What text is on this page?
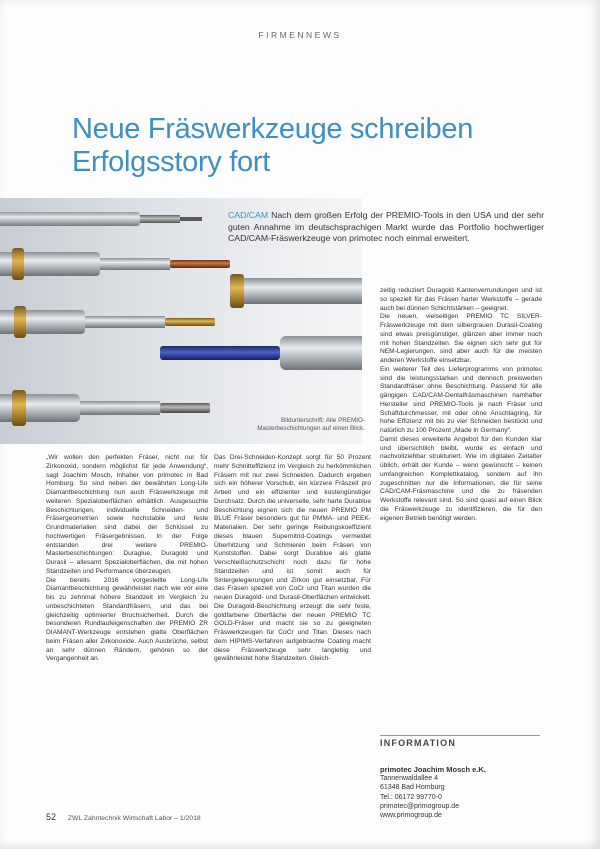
FIRMENNEWS
Neue Fräswerkzeuge schreiben
Erfolgsstory fort

CAD/CAM Nach dem großen Erfolg der PREMIO-Tools in den USA und der sehr guten Annahme im deutschsprachigen Markt wurde das Portfolio hochwertiger CAD/CAM-Fräswerkzeuge von primotec noch einmal erweitert.

Bildunterschrift: Alle PREMIO-Masterbeschichtungen auf einen Blick.

„Wir wollen den perfekten Fräser, nicht nur für Zirkonoxid, sondern möglichst für jede Anwendung“, sagt Joachim Mosch, Inhaber von primotec in Bad Homburg. So sind neben der bewährten Long-Life Diamantbeschichtung nun auch Fräswerkzeuge mit weiteren Spezialoberflächen erhältlich. Ausgesuchte Beschichtungen, individuelle Schneiden- und Fräsergeometrien sowie hochstabile und feste Grundmaterialien sind dabei der Schlüssel zu hochwertigen Fräsergebnissen. In der Folge entstanden drei weitere PREMIO-Masterbeschichtungen: Duraglue, Duragold und Durasil – allesamt Spezialoberflächen, die mit hohen Standzeiten und Performance überzeugen.

Die bereits 2016 vorgestellte Long-Life Diamantbeschichtung gewährleistet nach wie vor eine bis zu zehnmal höhere Standzeit im Vergleich zu unbeschichteten Standardfräsern, und das bei gleichzeitig optimierter Bruchsicherheit. Durch die besonderen Rundlaufeigenschaften der PREMIO ZR DIAMANT-Werkzeuge entstehen glatte Oberflächen beim Fräsen aller Zirkonoxide. Auch Ausbrüche, selbst an sehr dünnen Rändern, gehören so der Vergangenheit an.

Das Drei-Schneiden-Konzept sorgt für 50 Prozent mehr Schnitteffizienz im Vergleich zu herkömmlichen Fräsern mit nur zwei Schneiden. Dadurch ergeben sich ein höherer Vorschub, ein kürzere Fräszeit pro Arbeit und ein effizienter und kostengünstiger Durchsatz. Durch die universelle, sehr harte Durablue Beschichtung eignen sich die neuen PREMIO PM BLUE Fräser besonders gut für PMMA- und PEEK-Materialien. Der sehr geringe Reibungskoeffizient dieses blauen Supernitrid-Coatings vermeidet Überhitzung und Schmieren beim Fräsen von Kunststoffen. Dabei sorgt Durablue als glatte Verschleißschutzschicht noch dazu für hohe Standzeiten und ist somit auch für Sintergelegierungen und Zirkon gut einsetzbar. Für das Fräsen speziell von CoCr und Titan wurden die neuen Duragold- und Durasil-Oberflächen entwickelt. Die Duragold-Beschichtung erzeugt die sehr feste, goldfarbene Oberfläche der neuen PREMIO TC GOLD-Fräser und macht sie so zu geeigneten Fräswerkzeugen für CoCr und Titan. Dieses nach dem HIPIMS-Verfahren aufgebrachte Coating macht diese Fräswerkzeuge sehr langlebig und gewährleistet hohe Standzeiten. Gleich-

zeitig reduziert Duragold Kantenverrundungen und ist so speziell für das Fräsen harter Werkstoffe – gerade auch bei dünnen Schichtstärken – geeignet.

Die neuen, vielseitigen PREMIO TC SILVER-Fräswerkzeuge mit dem silbergrauen Durasil-Coating sind etwas preisgünstiger, glänzen aber immer noch mit hohen Standzeiten. Sie eignen sich sehr gut für NEM-Legierungen, sind aber auch für die meisten anderen Werkstoffe einsetzbar.

Ein weiterer Teil des Lieferprogramms von primotec sind die leistungsstarken und dennoch preiswerten Standardfräser ohne Beschichtung. Passend für alle gängigen CAD/CAM-Dentalfräsmaschinen namhafter Hersteller sind PREMIO-Tools je nach Fräser und Schaftdurchmesser, mit oder ohne Anschlagring, für hohe Effizienz mit bis zu vier Schneiden bestückt und natürlich zu 100 Prozent „Made in Germany“.

Damit dieses erweiterte Angebot für den Kunden klar und übersichtlich bleibt, wurde es einfach und nachvollziehbar strukturiert. Wie im digitalen Zeitalter üblich, erhält der Kunde – wenn gewünscht – keinen umfangreichen Komplettkatalog, sondern auf ihn zugeschnitten nur die Informationen, die für seine CAD/CAM-Fräsmaschine und die zu fräsenden Werkstoffe relevant sind. So sind quasi auf einen Blick die Fräswerkzeuge zu identifizieren, die für den eigenen Betrieb benötigt werden.

INFORMATION
primotec Joachim Mosch e.K.
Tannenwaldallee 4
61348 Bad Homburg
Tel.: 06172 99770-0
primotec@primogroup.de
www.primogroup.de
52 ZWL Zahntechnik Wirtschaft Labor – 1/2018
